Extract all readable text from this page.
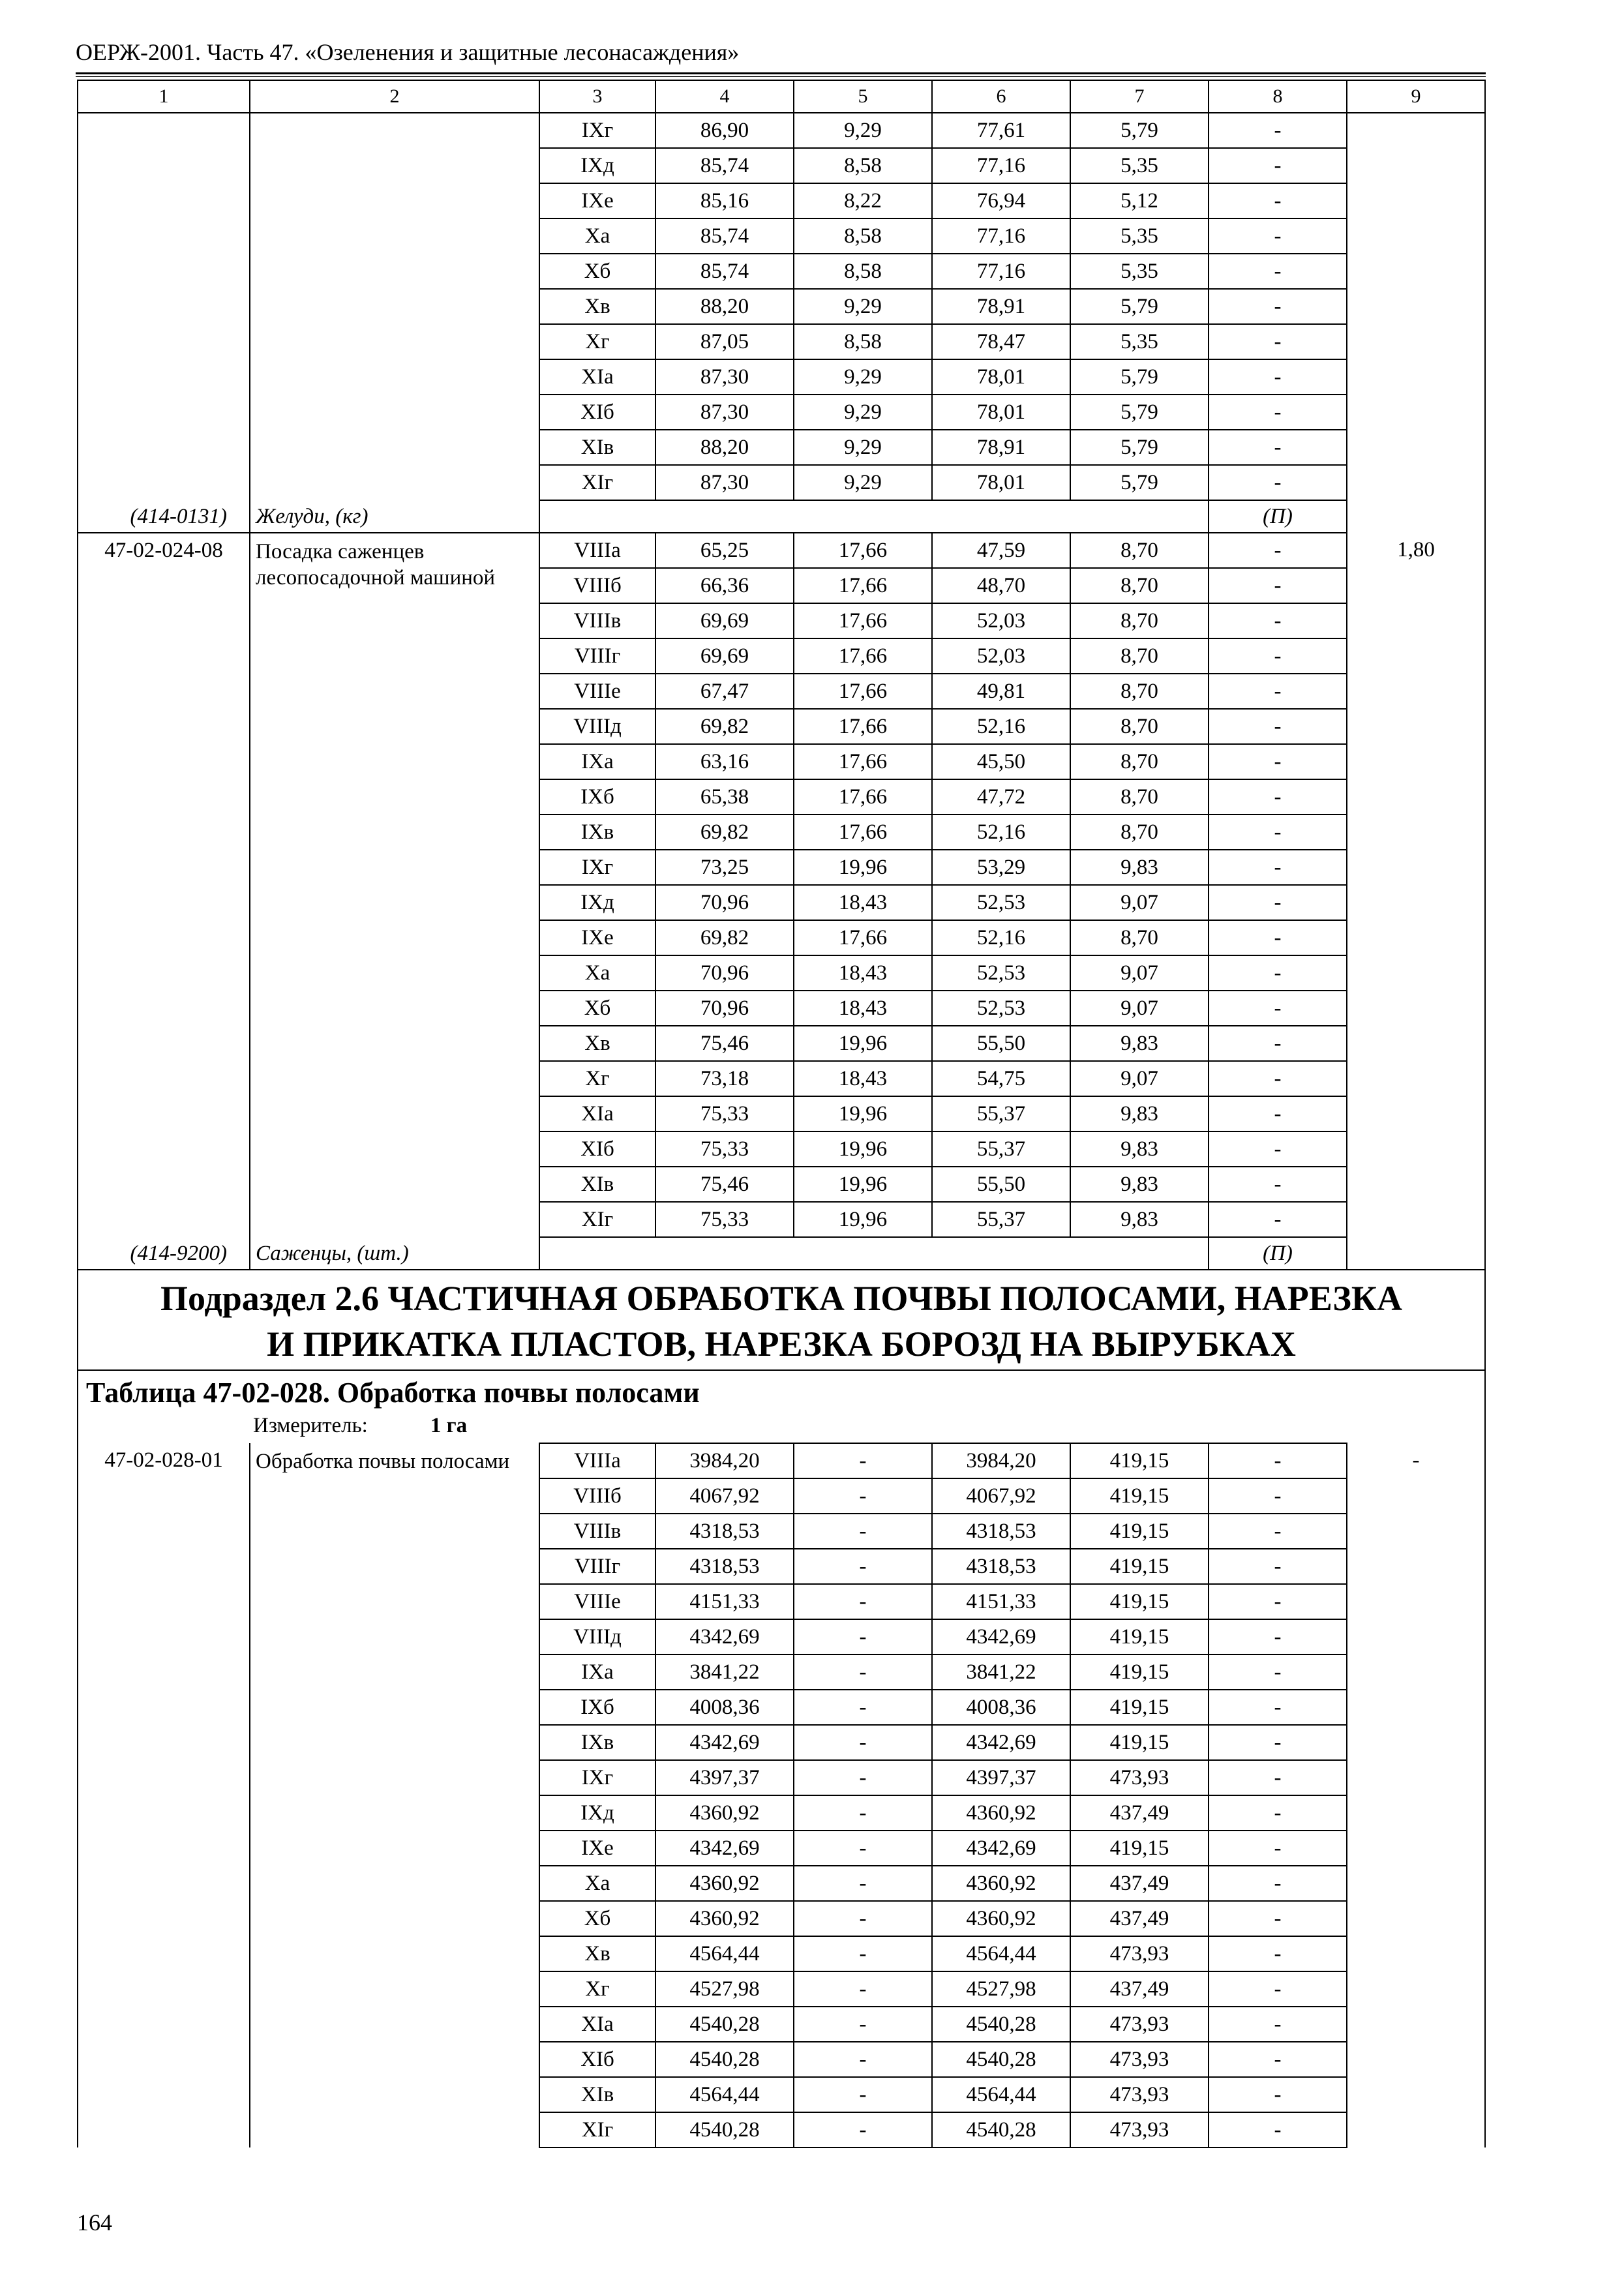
ОЕРЖ-2001. Часть 47. «Озеленения и защитные лесонасаждения»
1	2	3	4	5	6	7	8	9
		IXг	86,90	9,29	77,61	5,79	-	
		IXд	85,74	8,58	77,16	5,35	-	
		IXе	85,16	8,22	76,94	5,12	-	
		Xa	85,74	8,58	77,16	5,35	-	
		Xб	85,74	8,58	77,16	5,35	-	
		Xв	88,20	9,29	78,91	5,79	-	
		Xг	87,05	8,58	78,47	5,35	-	
		XIa	87,30	9,29	78,01	5,79	-	
		XIб	87,30	9,29	78,01	5,79	-	
		XIв	88,20	9,29	78,91	5,79	-	
		XIг	87,30	9,29	78,01	5,79	-	
(414-0131)	Желуди, (кг)						(П)	
47-02-024-08	Посадка саженцев лесопосадочной машиной	VIIIa	65,25	17,66	47,59	8,70	-	1,80
		VIIIб	66,36	17,66	48,70	8,70	-	
		VIIIв	69,69	17,66	52,03	8,70	-	
		VIIIг	69,69	17,66	52,03	8,70	-	
		VIIIе	67,47	17,66	49,81	8,70	-	
		VIIIд	69,82	17,66	52,16	8,70	-	
		IXa	63,16	17,66	45,50	8,70	-	
		IXб	65,38	17,66	47,72	8,70	-	
		IXв	69,82	17,66	52,16	8,70	-	
		IXг	73,25	19,96	53,29	9,83	-	
		IXд	70,96	18,43	52,53	9,07	-	
		IXе	69,82	17,66	52,16	8,70	-	
		Xa	70,96	18,43	52,53	9,07	-	
		Xб	70,96	18,43	52,53	9,07	-	
		Xв	75,46	19,96	55,50	9,83	-	
		Xг	73,18	18,43	54,75	9,07	-	
		XIa	75,33	19,96	55,37	9,83	-	
		XIб	75,33	19,96	55,37	9,83	-	
		XIв	75,46	19,96	55,50	9,83	-	
		XIг	75,33	19,96	55,37	9,83	-	
(414-9200)	Саженцы, (шт.)						(П)	

Подраздел 2.6 ЧАСТИЧНАЯ ОБРАБОТКА ПОЧВЫ ПОЛОСАМИ, НАРЕЗКА
И ПРИКАТКА ПЛАСТОВ, НАРЕЗКА БОРОЗД НА ВЫРУБКАХ								

Таблица 47-02-028. Обработка почвы полосами
Измеритель: 1 га								

47-02-028-01	Обработка почвы полосами	VIIIa	3984,20	-	3984,20	419,15	-	-
		VIIIб	4067,92	-	4067,92	419,15	-	
		VIIIв	4318,53	-	4318,53	419,15	-	
		VIIIг	4318,53	-	4318,53	419,15	-	
		VIIIе	4151,33	-	4151,33	419,15	-	
		VIIIд	4342,69	-	4342,69	419,15	-	
		IXa	3841,22	-	3841,22	419,15	-	
		IXб	4008,36	-	4008,36	419,15	-	
		IXв	4342,69	-	4342,69	419,15	-	
		IXг	4397,37	-	4397,37	473,93	-	
		IXд	4360,92	-	4360,92	437,49	-	
		IXе	4342,69	-	4342,69	419,15	-	
		Xa	4360,92	-	4360,92	437,49	-	
		Xб	4360,92	-	4360,92	437,49	-	
		Xв	4564,44	-	4564,44	473,93	-	
		Xг	4527,98	-	4527,98	437,49	-	
		XIa	4540,28	-	4540,28	473,93	-	
		XIб	4540,28	-	4540,28	473,93	-	
		XIв	4564,44	-	4564,44	473,93	-	
		XIг	4540,28	-	4540,28	473,93	-	
164
